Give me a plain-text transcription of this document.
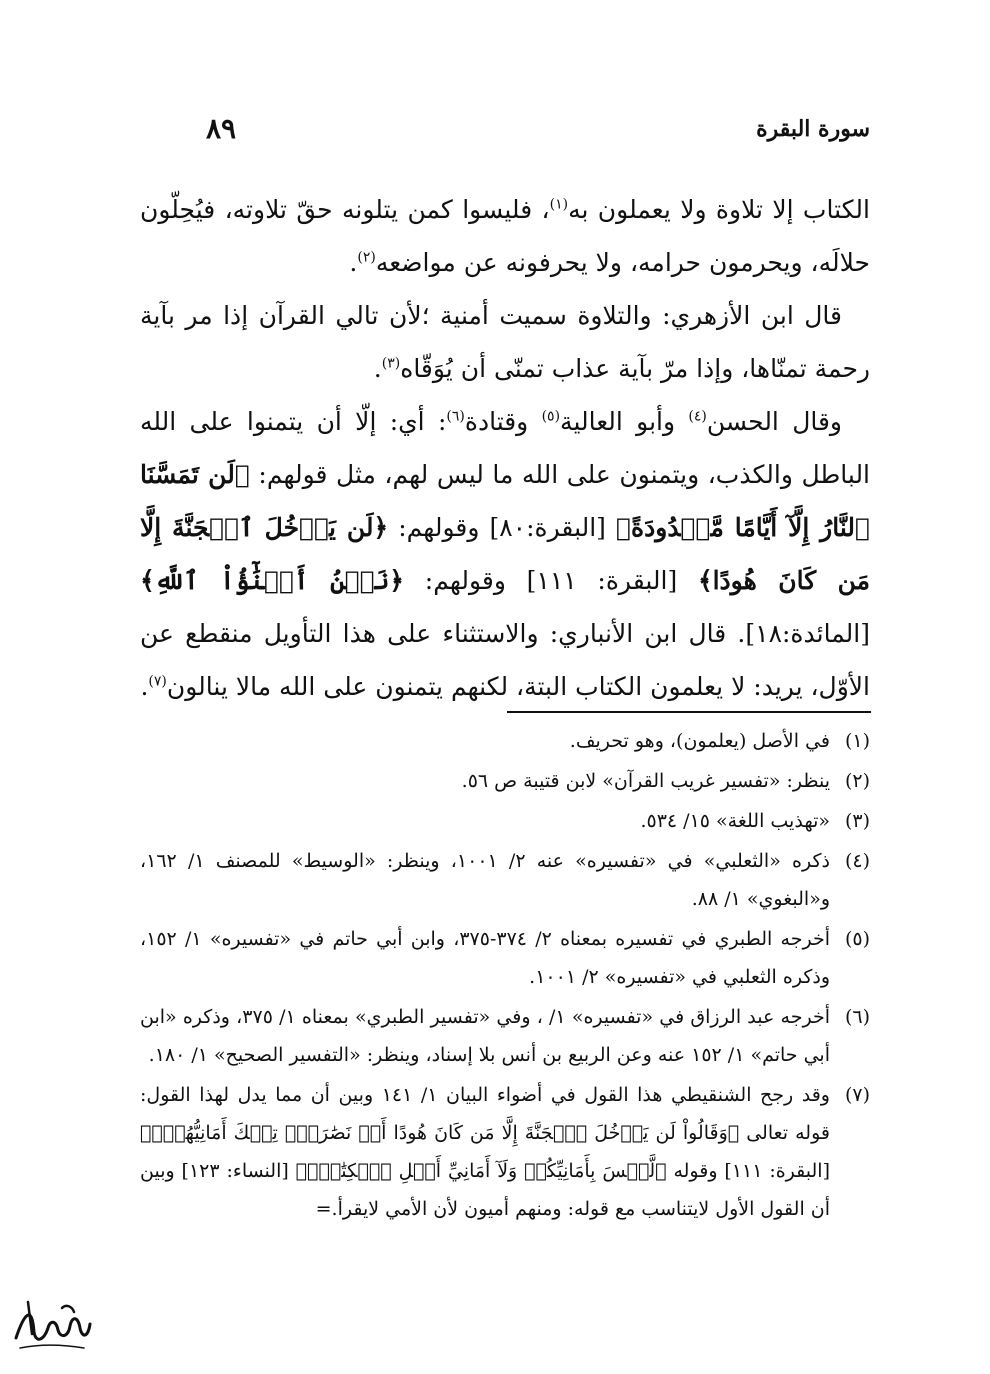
سورة البقرة
٨٩

الكتاب إلا تلاوة ولا يعملون به$^{(١)}$، فليسوا كمن يتلونه حقّ تلاوته، فيُحِلّون حلالَه، ويحرمون حرامه، ولا يحرفونه عن مواضعه$^{(٢)}$.

قال ابن الأزهري: والتلاوة سميت أمنية ؛لأن تالي القرآن إذا مر بآية رحمة تمنّاها، وإذا مرّ بآية عذاب تمنّى أن يُوَقّاه$^{(٣)}$.

وقال الحسن$^{(٤)}$ وأبو العالية$^{(٥)}$ وقتادة$^{(٦)}$: أي: إلّا أن يتمنوا على الله الباطل والكذب، ويتمنون على الله ما ليس لهم، مثل قولهم: ﴿لَن تَمَسَّنَا ٱلنَّارُ إِلَّآ أَيَّامًا مَّعۡدُودَةً﴾ [البقرة:٨٠] وقولهم: ﴿لَن يَدۡخُلَ ٱلۡجَنَّةَ إِلَّا مَن كَانَ هُودًا﴾ [البقرة: ١١١] وقولهم: ﴿نَحۡنُ أَبۡنَٰٓؤُاْ ٱللَّهِ﴾ [المائدة:١٨]. قال ابن الأنباري: والاستثناء على هذا التأويل منقطع عن الأوّل، يريد: لا يعلمون الكتاب البتة، لكنهم يتمنون على الله مالا ينالون$^{(٧)}$.

(١)
في الأصل (يعلمون)، وهو تحريف.
(٢)
ينظر: «تفسير غريب القرآن» لابن قتيبة ص ٥٦.
(٣)
«تهذيب اللغة» ١٥/ ٥٣٤.
(٤)
ذكره «الثعلبي» في «تفسيره» عنه ٢/ ١٠٠١، وينظر: «الوسيط» للمصنف ١/ ١٦٢، و«البغوي» ١/ ٨٨.
(٥)
أخرجه الطبري في تفسيره بمعناه ٢/ ٣٧٤-٣٧٥، وابن أبي حاتم في «تفسيره» ١/ ١٥٢، وذكره الثعلبي في «تفسيره» ٢/ ١٠٠١.
(٦)
أخرجه عبد الرزاق في «تفسيره» ١/ ، وفي «تفسير الطبري» بمعناه ١/ ٣٧٥، وذكره «ابن أبي حاتم» ١/ ١٥٢ عنه وعن الربيع بن أنس بلا إسناد، وينظر: «التفسير الصحيح» ١/ ١٨٠.
(٧)
وقد رجح الشنقيطي هذا القول في أضواء البيان ١/ ١٤١ وبين أن مما يدل لهذا القول: قوله تعالى ﴿وَقَالُواْ لَن يَدۡخُلَ ٱلۡجَنَّةَ إِلَّا مَن كَانَ هُودًا أَوۡ نَصَٰرَىٰۗ تِلۡكَ أَمَانِيُّهُمۡۗ﴾ [البقرة: ١١١] وقوله ﴿لَّيۡسَ بِأَمَانِيِّكُمۡ وَلَآ أَمَانِيِّ أَهۡلِ ٱلۡكِتَٰبِۗ﴾ [النساء: ١٢٣] وبين أن القول الأول لايتناسب مع قوله: ومنهم أميون لأن الأمي لايقرأ.=
